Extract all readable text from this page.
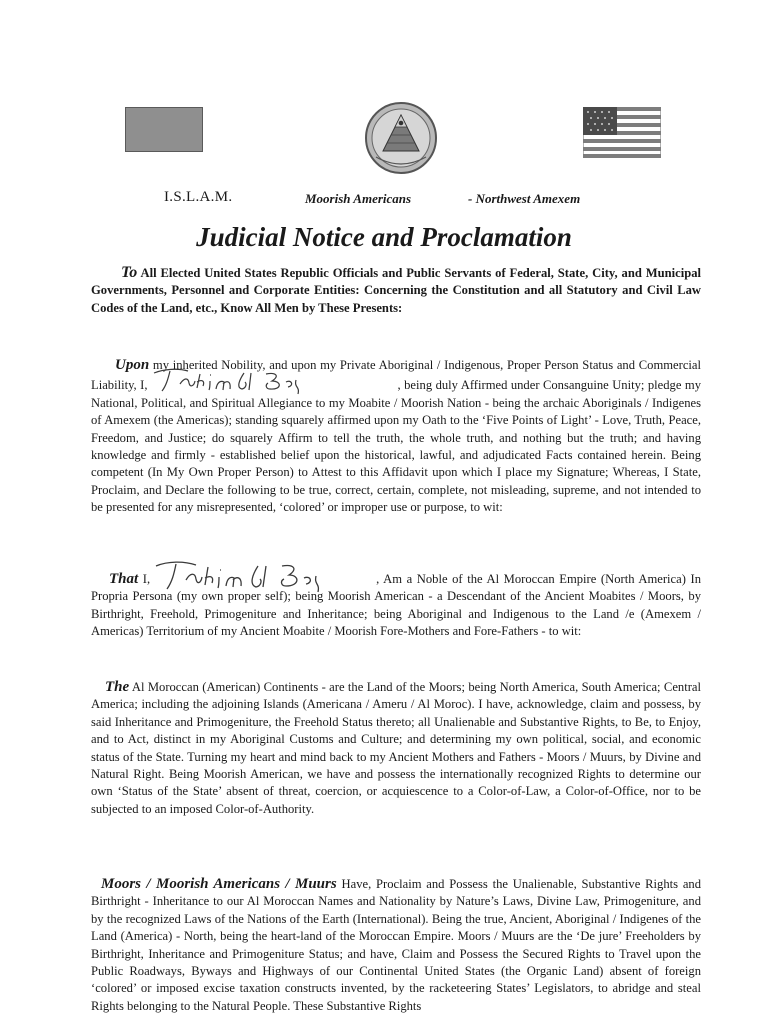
I.S.L.A.M.	Moorish Americans	- Northwest Amexem
Judicial Notice and Proclamation
To All Elected United States Republic Officials and Public Servants of Federal, State, City, and Municipal Governments, Personnel and Corporate Entities: Concerning the Constitution and all Statutory and Civil Law Codes of the Land, etc., Know All Men by These Presents:
Upon my inherited Nobility, and upon my Private Aboriginal / Indigenous, Proper Person Status and Commercial Liability, I,	, being duly Affirmed under Consanguine Unity; pledge my National, Political, and Spiritual Allegiance to my Moabite / Moorish Nation - being the archaic Aboriginals / Indigenes of Amexem (the Americas); standing squarely affirmed upon my Oath to the ‘Five Points of Light’ - Love, Truth, Peace, Freedom, and Justice; do squarely Affirm to tell the truth, the whole truth, and nothing but the truth; and having knowledge and firmly - established belief upon the historical, lawful, and adjudicated Facts contained herein. Being competent (In My Own Proper Person) to Attest to this Affidavit upon which I place my Signature; Whereas, I State, Proclaim, and Declare the following to be true, correct, certain, complete, not misleading, supreme, and not intended to be presented for any misrepresented, ‘colored’ or improper use or purpose, to wit:
That I,	, Am a Noble of the Al Moroccan Empire (North America) In Propria Persona (my own proper self); being Moorish American - a Descendant of the Ancient Moabites / Moors, by Birthright, Freehold, Primogeniture and Inheritance; being Aboriginal and Indigenous to the Land /e (Amexem / Americas) Territorium of my Ancient Moabite / Moorish Fore-Mothers and Fore-Fathers - to wit:
The Al Moroccan (American) Continents - are the Land of the Moors; being North America, South America; Central America; including the adjoining Islands (Americana / Ameru / Al Moroc). I have, acknowledge, claim and possess, by said Inheritance and Primogeniture, the Freehold Status thereto; all Unalienable and Substantive Rights, to Be, to Enjoy, and to Act, distinct in my Aboriginal Customs and Culture; and determining my own political, social, and economic status of the State. Turning my heart and mind back to my Ancient Mothers and Fathers - Moors / Muurs, by Divine and Natural Right. Being Moorish American, we have and possess the internationally recognized Rights to determine our own ‘Status of the State’ absent of threat, coercion, or acquiescence to a Color-of-Law, a Color-of-Office, nor to be subjected to an imposed Color-of-Authority.
Moors / Moorish Americans / Muurs Have, Proclaim and Possess the Unalienable, Substantive Rights and Birthright - Inheritance to our Al Moroccan Names and Nationality by Nature’s Laws, Divine Law, Primogeniture, and by the recognized Laws of the Nations of the Earth (International). Being the true, Ancient, Aboriginal / Indigenes of the Land (America) - North, being the heart-land of the Moroccan Empire. Moors / Muurs are the ‘De jure’ Freeholders by Birthright, Inheritance and Primogeniture Status; and have, Claim and Possess the Secured Rights to Travel upon the Public Roadways, Byways and Highways of our Continental United States (the Organic Land) absent of foreign ‘colored’ or imposed excise taxation constructs invented, by the racketeering States’ Legislators, to abridge and steal Rights belonging to the Natural People. These Substantive Rights
